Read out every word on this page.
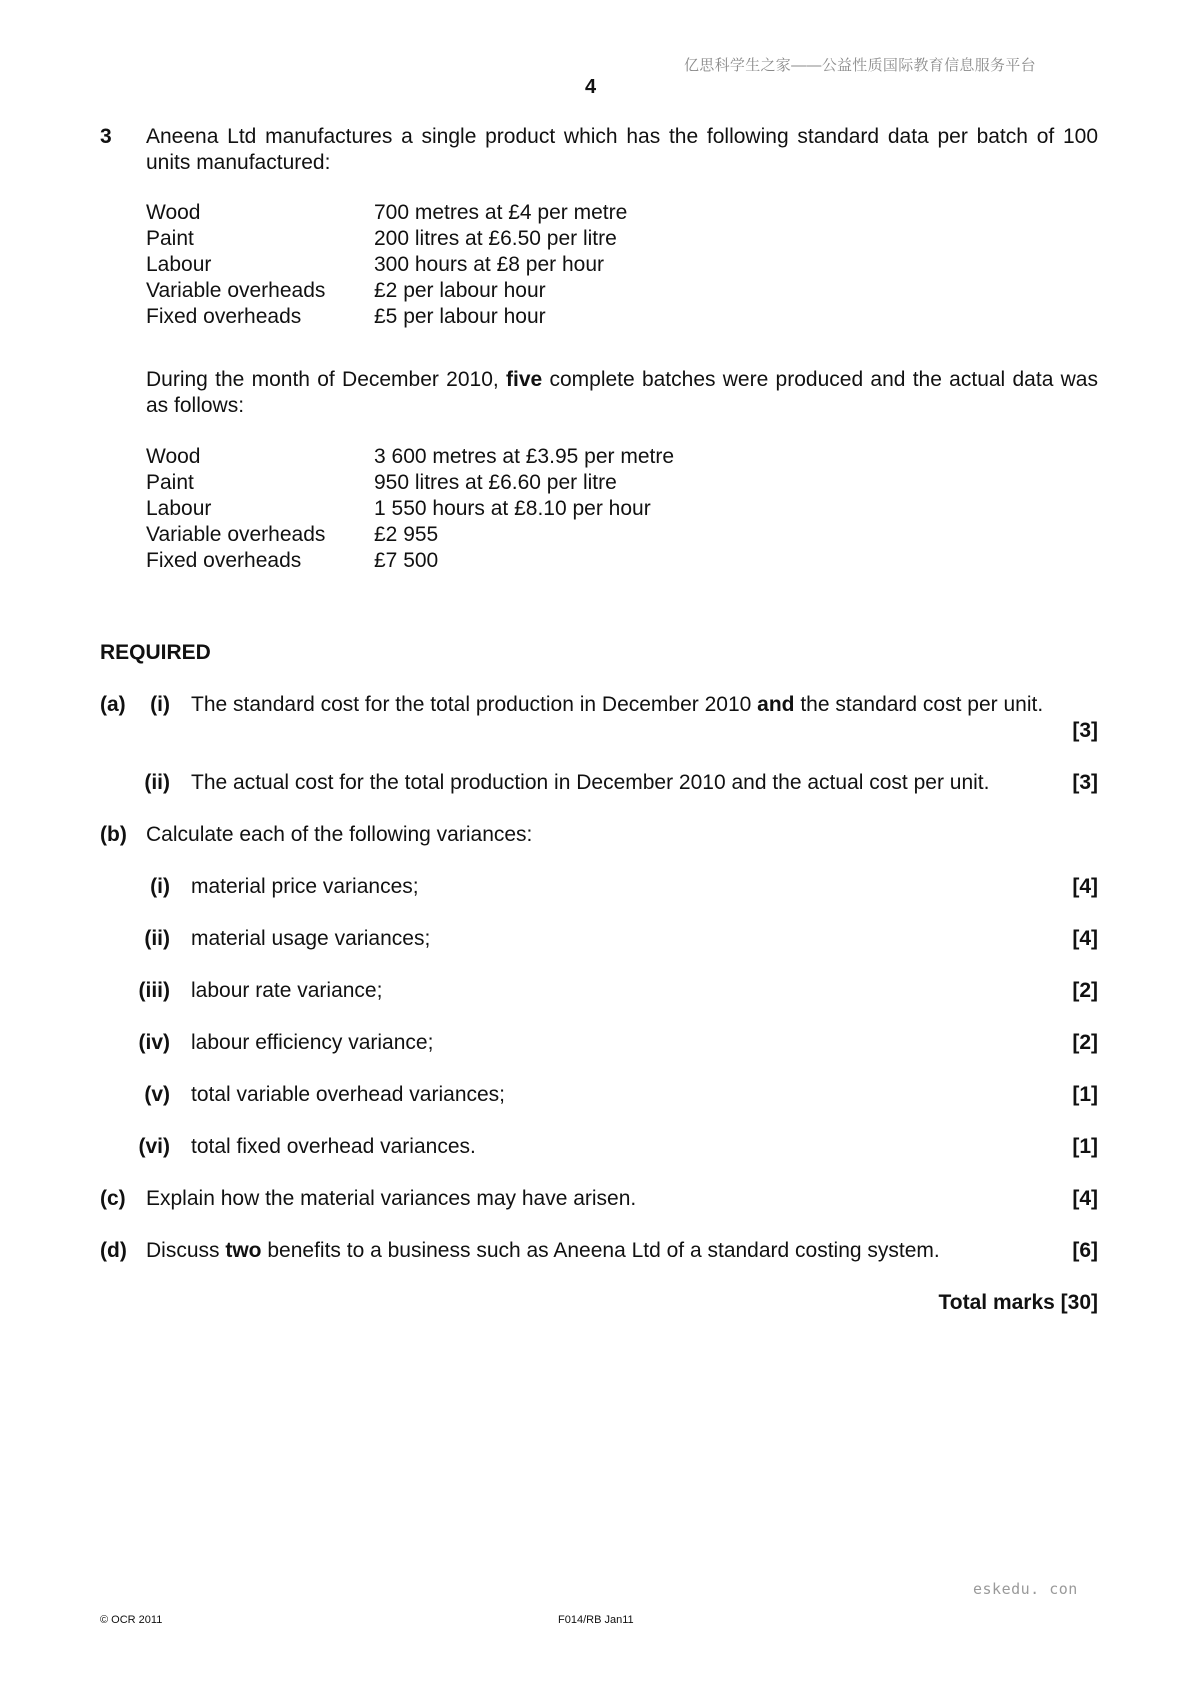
亿思科学生之家——公益性质国际教育信息服务平台
4
3 Aneena Ltd manufactures a single product which has the following standard data per batch of 100 units manufactured:
Wood	700 metres at £4 per metre
Paint	200 litres at £6.50 per litre
Labour	300 hours at £8 per hour
Variable overheads	£2 per labour hour
Fixed overheads	£5 per labour hour
During the month of December 2010, five complete batches were produced and the actual data was as follows:
Wood	3 600 metres at £3.95 per metre
Paint	950 litres at £6.60 per litre
Labour	1 550 hours at £8.10 per hour
Variable overheads	£2 955
Fixed overheads	£7 500
REQUIRED
(a)	(i) The standard cost for the total production in December 2010 and the standard cost per unit.
[3]
(ii) The actual cost for the total production in December 2010 and the actual cost per unit.	[3]
(b) Calculate each of the following variances:
(i) material price variances;	[4]
(ii) material usage variances;	[4]
(iii) labour rate variance;	[2]
(iv) labour efficiency variance;	[2]
(v) total variable overhead variances;	[1]
(vi) total fixed overhead variances.	[1]
(c) Explain how the material variances may have arisen.	[4]
(d) Discuss two benefits to a business such as Aneena Ltd of a standard costing system.	[6]
Total marks [30]
eskedu. con
© OCR 2011	F014/RB Jan11
